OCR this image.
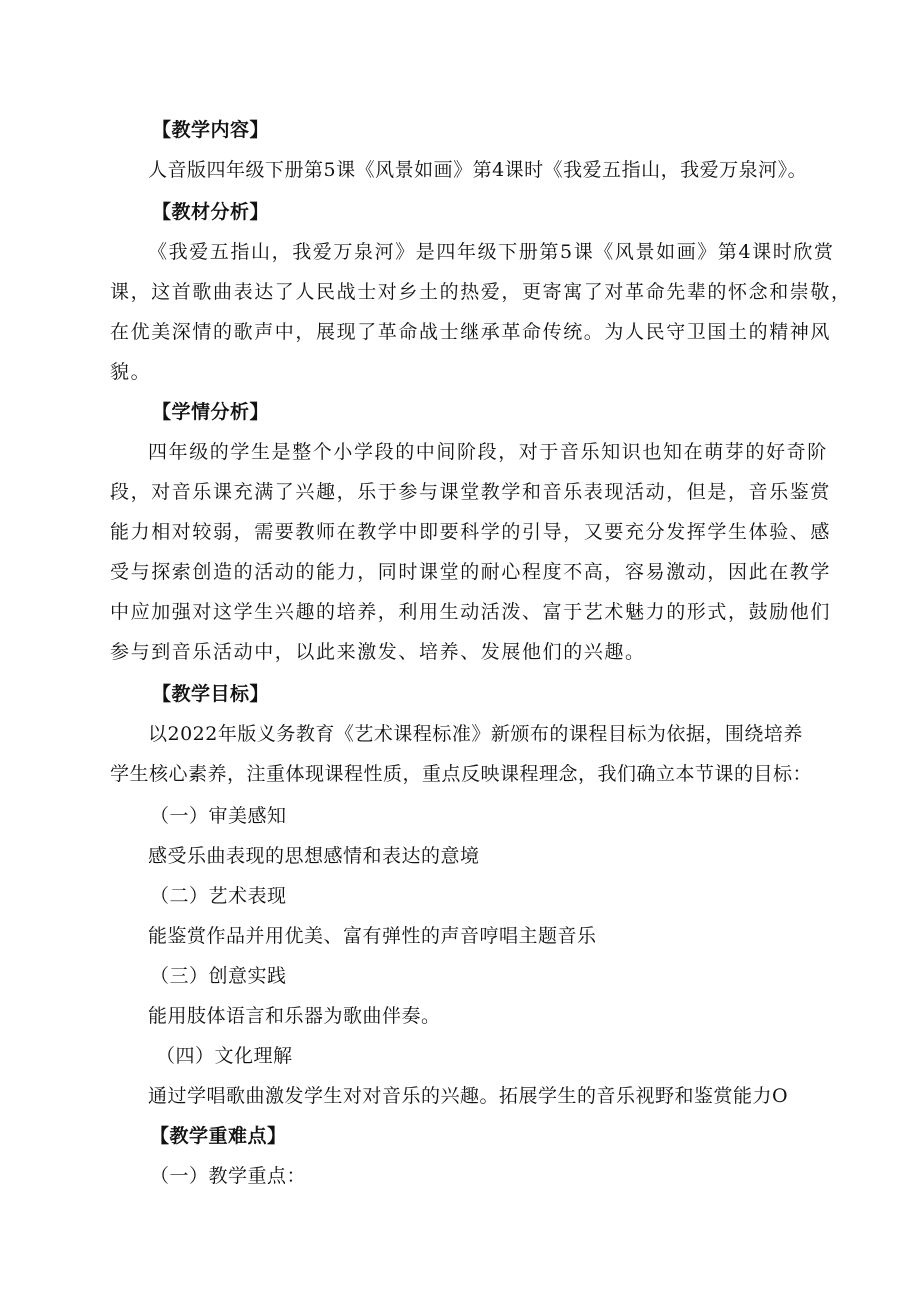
【教学内容】
人音版四年级下册第5课《风景如画》第4课时《我爱五指山，我爱万泉河》。
【教材分析】
《我爱五指山，我爱万泉河》是四年级下册第5课《风景如画》第4课时欣赏
课，这首歌曲表达了人民战士对乡土的热爱，更寄寓了对革命先辈的怀念和崇敬，
在优美深情的歌声中，展现了革命战士继承革命传统。为人民守卫国土的精神风
貌。
【学情分析】
四年级的学生是整个小学段的中间阶段，对于音乐知识也知在萌芽的好奇阶
段，对音乐课充满了兴趣，乐于参与课堂教学和音乐表现活动，但是，音乐鉴赏
能力相对较弱，需要教师在教学中即要科学的引导，又要充分发挥学生体验、感
受与探索创造的活动的能力，同时课堂的耐心程度不高，容易激动，因此在教学
中应加强对这学生兴趣的培养，利用生动活泼、富于艺术魅力的形式，鼓励他们
参与到音乐活动中，以此来激发、培养、发展他们的兴趣。
【教学目标】
以2022年版义务教育《艺术课程标准》新颁布的课程目标为依据，围绕培养
学生核心素养，注重体现课程性质，重点反映课程理念，我们确立本节课的目标：
（一）审美感知
感受乐曲表现的思想感情和表达的意境
（二）艺术表现
能鉴赏作品并用优美、富有弹性的声音哼唱主题音乐
（三）创意实践
能用肢体语言和乐器为歌曲伴奏。
（四）文化理解
通过学唱歌曲激发学生对对音乐的兴趣。拓展学生的音乐视野和鉴赏能力O
【教学重难点】
（一）教学重点：
